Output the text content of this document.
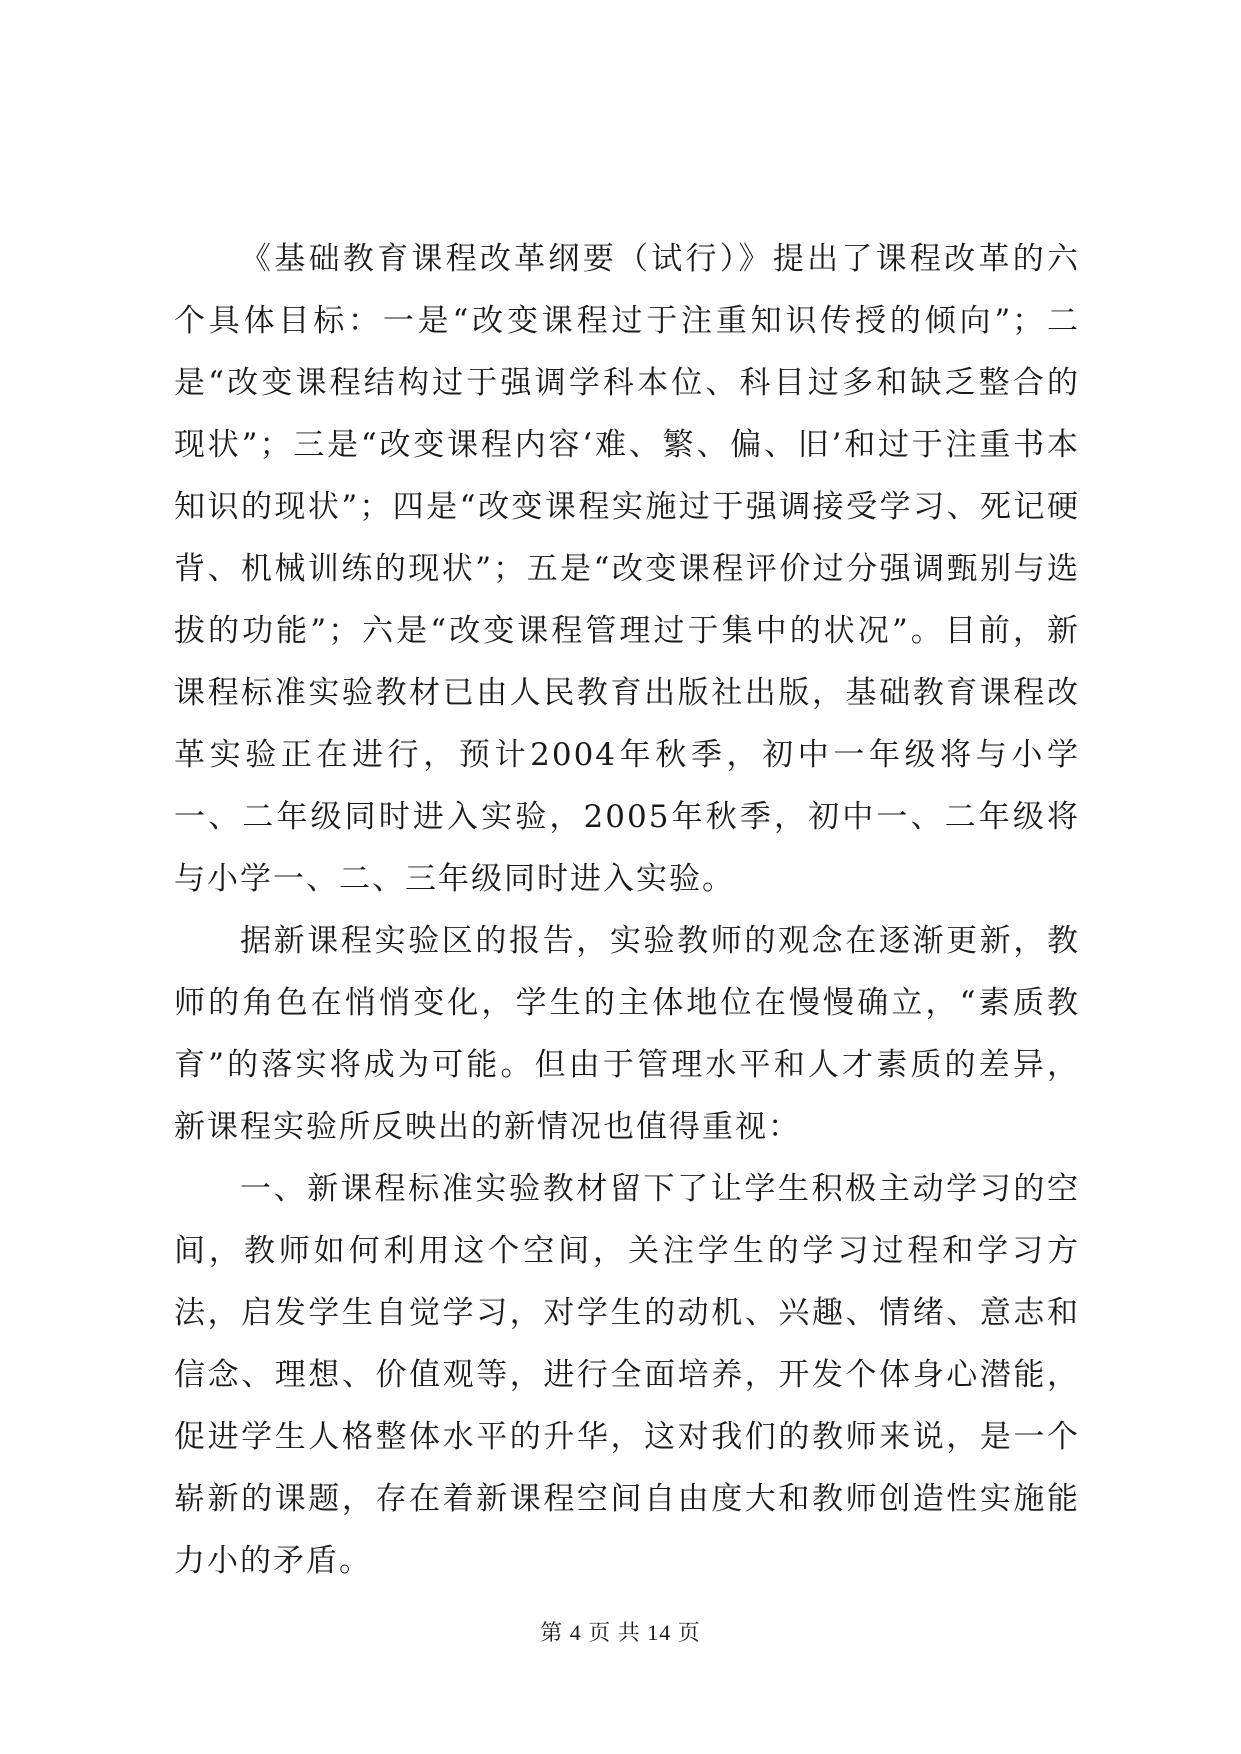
《基础教育课程改革纲要（试行）》提出了课程改革的六个具体目标：一是“改变课程过于注重知识传授的倾向”；二是“改变课程结构过于强调学科本位、科目过多和缺乏整合的现状”；三是“改变课程内容‘难、繁、偏、旧’和过于注重书本知识的现状”；四是“改变课程实施过于强调接受学习、死记硬背、机械训练的现状”；五是“改变课程评价过分强调甄别与选拔的功能”；六是“改变课程管理过于集中的状况”。目前，新课程标准实验教材已由人民教育出版社出版，基础教育课程改革实验正在进行，预计2004年秋季，初中一年级将与小学一、二年级同时进入实验，2005年秋季，初中一、二年级将与小学一、二、三年级同时进入实验。

据新课程实验区的报告，实验教师的观念在逐渐更新，教师的角色在悄悄变化，学生的主体地位在慢慢确立，“素质教育”的落实将成为可能。但由于管理水平和人才素质的差异，新课程实验所反映出的新情况也值得重视：

一、新课程标准实验教材留下了让学生积极主动学习的空间，教师如何利用这个空间，关注学生的学习过程和学习方法，启发学生自觉学习，对学生的动机、兴趣、情绪、意志和信念、理想、价值观等，进行全面培养，开发个体身心潜能，促进学生人格整体水平的升华，这对我们的教师来说，是一个崭新的课题，存在着新课程空间自由度大和教师创造性实施能力小的矛盾。

第 4 页 共 14 页
